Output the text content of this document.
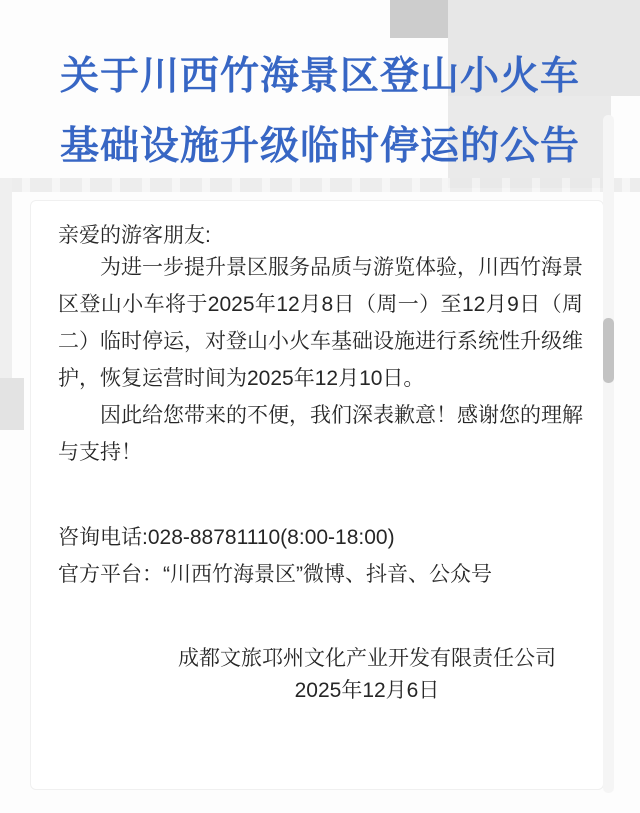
关于川西竹海景区登山小火车
基础设施升级临时停运的公告

亲爱的游客朋友:

为进一步提升景区服务品质与游览体验，川西竹海景区登山小车将于2025年12月8日（周一）至12月9日（周二）临时停运，对登山小火车基础设施进行系统性升级维护，恢复运营时间为2025年12月10日。

因此给您带来的不便，我们深表歉意！感谢您的理解与支持！

咨询电话:028-88781110(8:00-18:00)

官方平台：“川西竹海景区”微博、抖音、公众号

成都文旅邛州文化产业开发有限责任公司

2025年12月6日
